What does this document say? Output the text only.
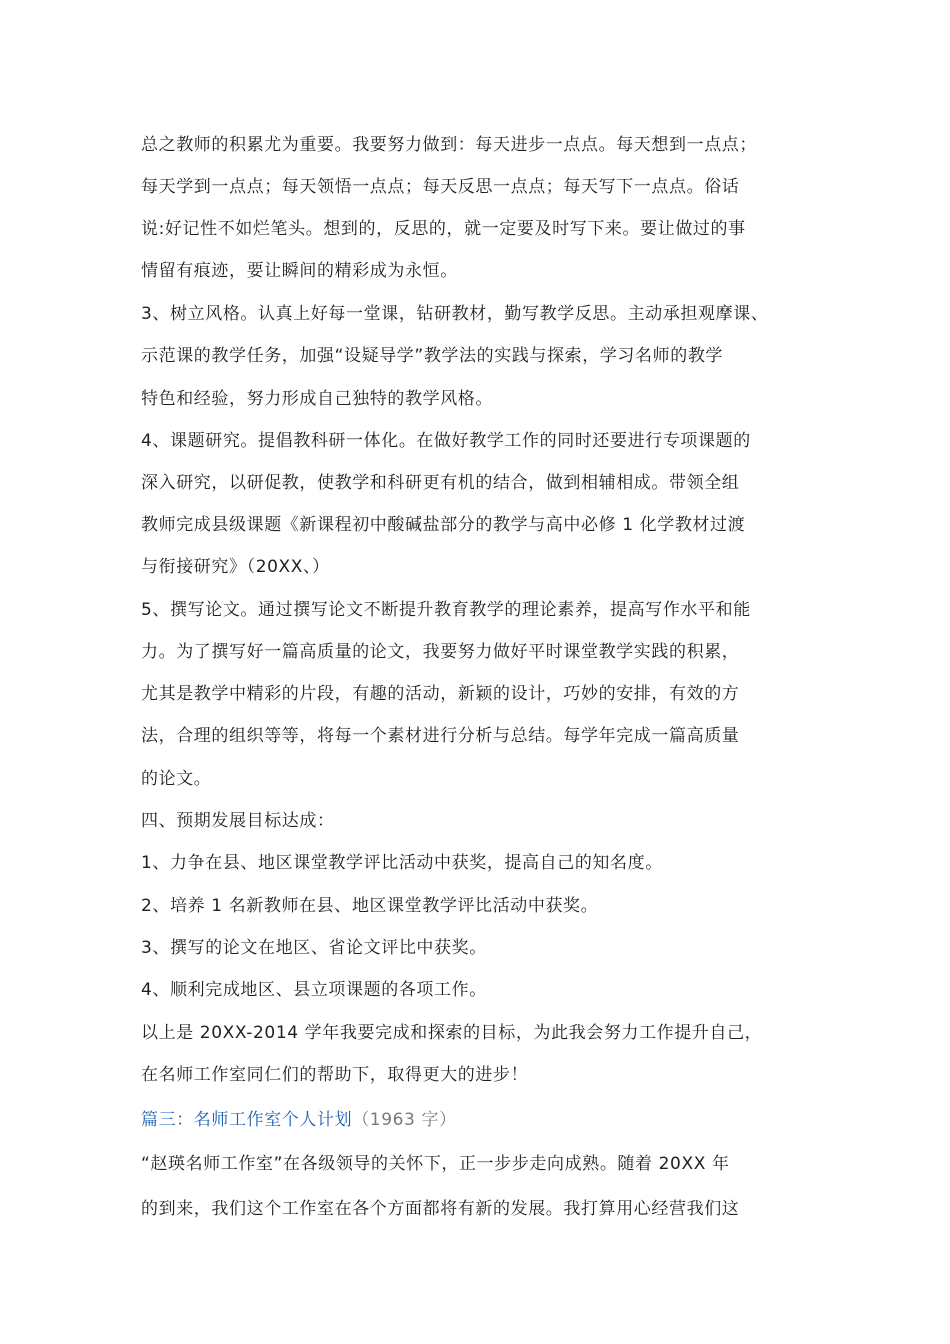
总之教师的积累尤为重要。我要努力做到：每天进步一点点。每天想到一点点；
每天学到一点点；每天领悟一点点；每天反思一点点；每天写下一点点。俗话
说:好记性不如烂笔头。想到的，反思的，就一定要及时写下来。要让做过的事
情留有痕迹，要让瞬间的精彩成为永恒。
3、树立风格。认真上好每一堂课，钻研教材，勤写教学反思。主动承担观摩课、
示范课的教学任务，加强“设疑导学”教学法的实践与探索，学习名师的教学
特色和经验，努力形成自己独特的教学风格。
4、课题研究。提倡教科研一体化。在做好教学工作的同时还要进行专项课题的
深入研究，以研促教，使教学和科研更有机的结合，做到相辅相成。带领全组
教师完成县级课题《新课程初中酸碱盐部分的教学与高中必修 1 化学教材过渡
与衔接研究》（20XX、）
5、撰写论文。通过撰写论文不断提升教育教学的理论素养，提高写作水平和能
力。为了撰写好一篇高质量的论文，我要努力做好平时课堂教学实践的积累，
尤其是教学中精彩的片段，有趣的活动，新颖的设计，巧妙的安排，有效的方
法，合理的组织等等，将每一个素材进行分析与总结。每学年完成一篇高质量
的论文。
四、预期发展目标达成：
1、力争在县、地区课堂教学评比活动中获奖，提高自己的知名度。
2、培养 1 名新教师在县、地区课堂教学评比活动中获奖。
3、撰写的论文在地区、省论文评比中获奖。
4、顺利完成地区、县立项课题的各项工作。
以上是 20XX-2014 学年我要完成和探索的目标，为此我会努力工作提升自己，
在名师工作室同仁们的帮助下，取得更大的进步！
篇三：名师工作室个人计划（1963 字）
“赵瑛名师工作室”在各级领导的关怀下，正一步步走向成熟。随着 20XX 年
的到来，我们这个工作室在各个方面都将有新的发展。我打算用心经营我们这
